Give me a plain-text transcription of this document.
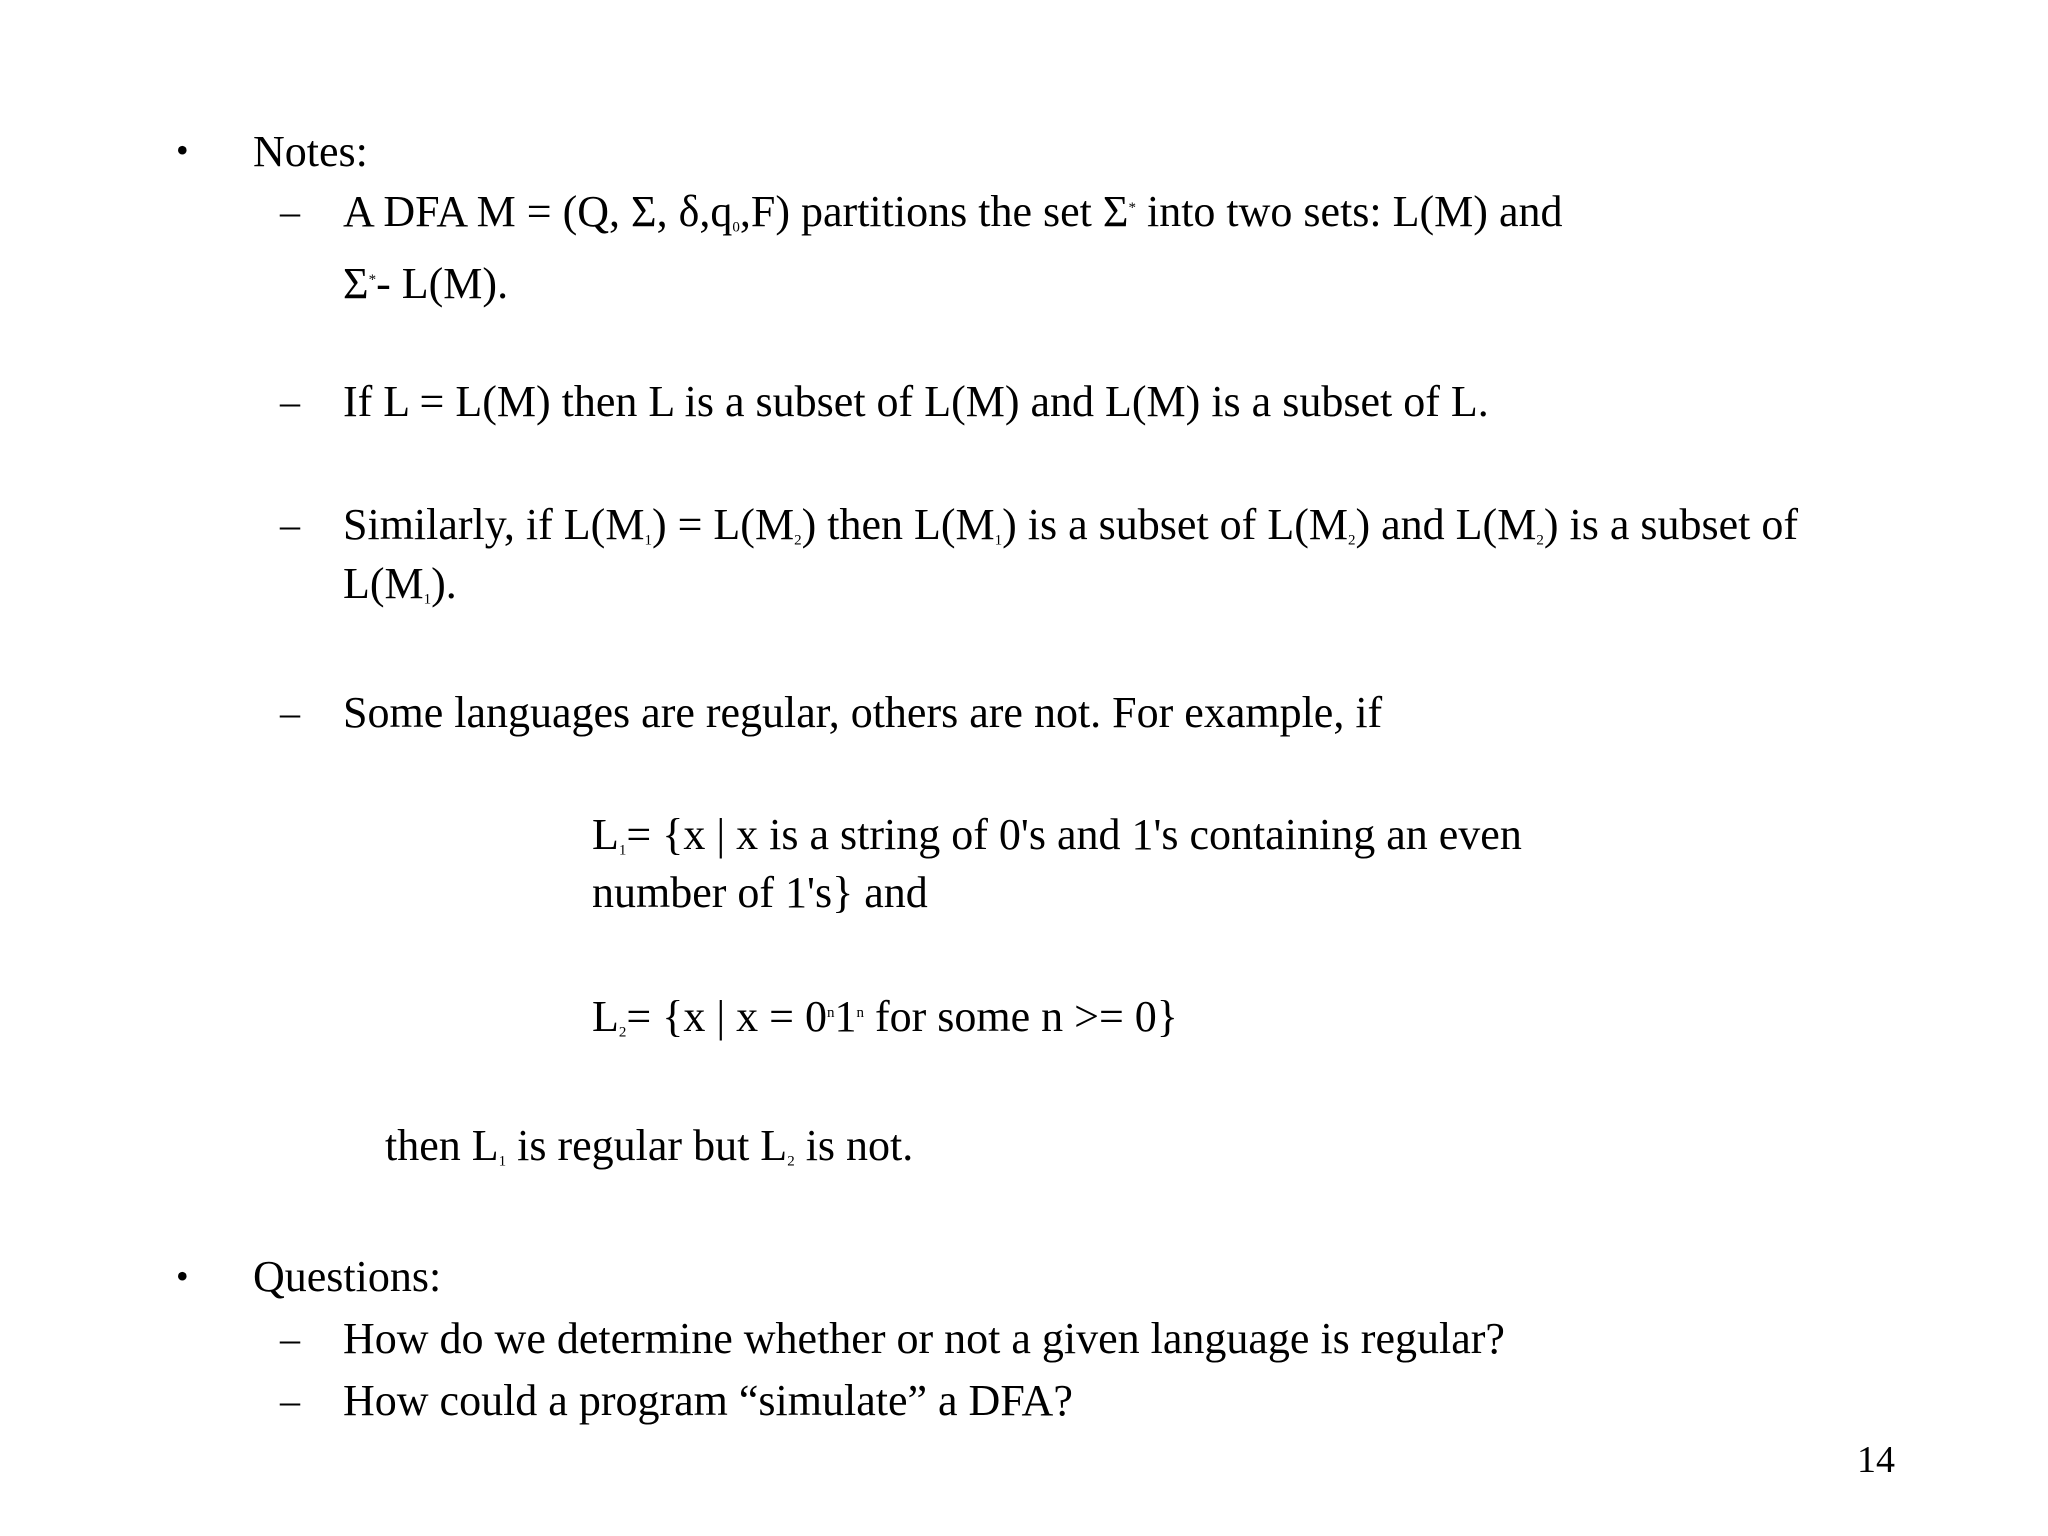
• Notes:
– A DFA M = (Q, Σ, $\delta,q_0,F$) partitions the set Σ* into two sets: L(M) and
Σ*- L(M).
– If L = L(M) then L is a subset of L(M) and L(M) is a subset of L.
– Similarly, if $L(M_1) = L(M_2)$ then $L(M_1)$ is a subset of $L(M_2)$ and $L(M_2)$ is a subset of
$L(M_1)$.
– Some languages are regular, others are not. For example, if
$L_1= \{x$ | x is a string of 0's and 1's containing an even
number of 1's} and
$L_2= \{x$ | $x = 0^n1^n$ for some n >= 0}
then $L_1$ is regular but $L_2$ is not.
• Questions:
– How do we determine whether or not a given language is regular?
– How could a program “simulate” a DFA?
14
